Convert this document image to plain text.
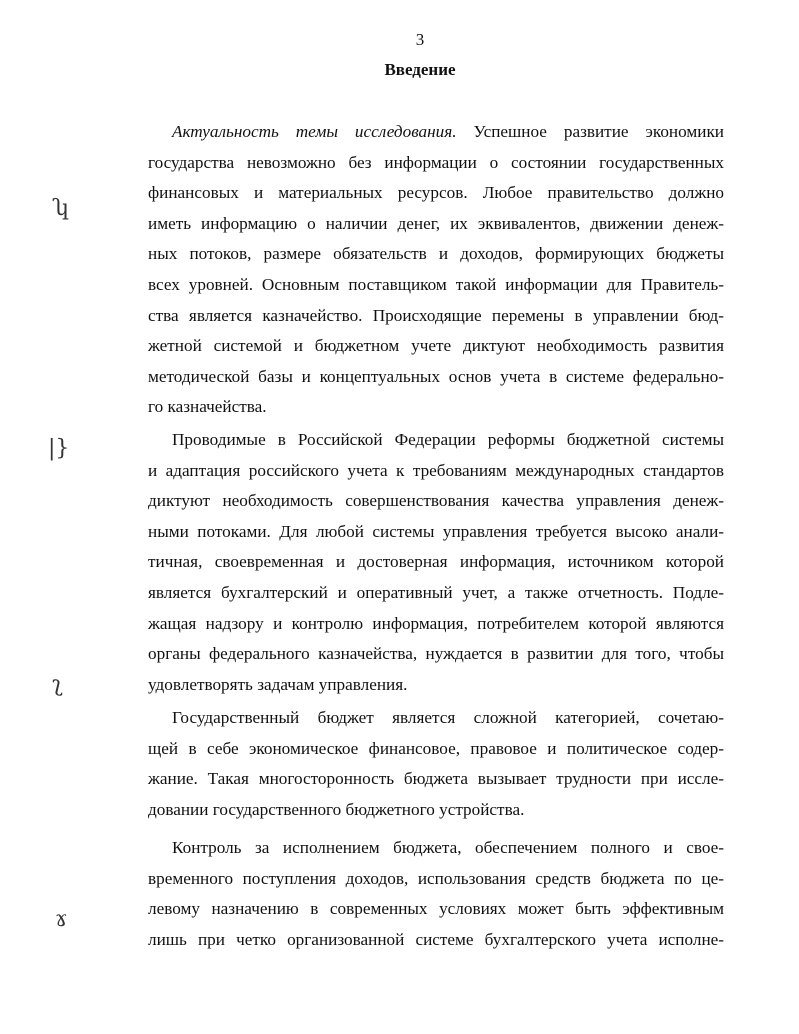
3
Введение
Актуальность темы исследования. Успешное развитие экономики
государства невозможно без информации о состоянии государственных
финансовых и материальных ресурсов. Любое правительство должно
иметь информацию о наличии денег, их эквивалентов, движении денеж-
ных потоков, размере обязательств и доходов, формирующих бюджеты
всех уровней. Основным поставщиком такой информации для Правитель-
ства является казначейство. Происходящие перемены в управлении бюд-
жетной системой и бюджетном учете диктуют необходимость развития
методической базы и концептуальных основ учета в системе федерально-
го казначейства.
Проводимые в Российской Федерации реформы бюджетной системы
и адаптация российского учета к требованиям международных стандартов
диктуют необходимость совершенствования качества управления денеж-
ными потоками. Для любой системы управления требуется высоко анали-
тичная, своевременная и достоверная информация, источником которой
является бухгалтерский и оперативный учет, а также отчетность. Подле-
жащая надзору и контролю информация, потребителем которой являются
органы федерального казначейства, нуждается в развитии для того, чтобы
удовлетворять задачам управления.
Государственный бюджет является сложной категорией, сочетаю-
щей в себе экономическое финансовое, правовое и политическое содер-
жание. Такая многосторонность бюджета вызывает трудности при иссле-
довании государственного бюджетного устройства.
Контроль за исполнением бюджета, обеспечением полного и свое-
временного поступления доходов, использования средств бюджета по це-
левому назначению в современных условиях может быть эффективным
лишь при четко организованной системе бухгалтерского учета исполне-
ʮ
|}
ʅ
ɤ
